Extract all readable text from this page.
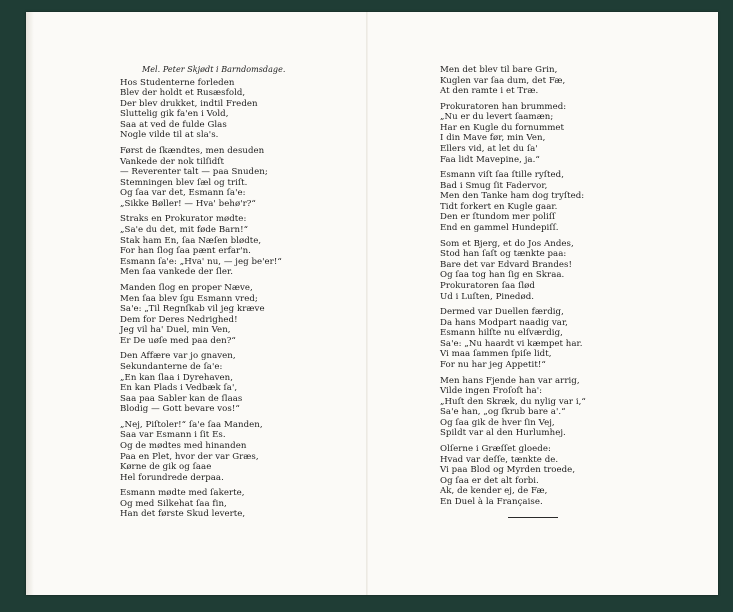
Mel. Peter Skjødt i Barndomsdage.
Hos Studenterne forleden
Blev der holdt et Rusæsfold,
Der blev drukket, indtil Freden
Sluttelig gik fa'en i Vold,
Saa at ved de fulde Glas
Nogle vilde til at sla's.
Først de ſkændtes, men desuden
Vankede der nok tilſidſt
— Reverenter talt — paa Snuden;
Stemningen blev ſæl og triſt.
Og ſaa var det, Esmann ſa'e:
„Sikke Bøller! — Hva' behø'r?“
Straks en Prokurator mødte:
„Sa'e du det, mit føde Barn!“
Stak ham En, ſaa Næſen blødte,
For han ſlog ſaa pænt erfar'n.
Esmann ſa'e: „Hva' nu, — jeg be'er!“
Men ſaa vankede der ſler.
Manden ſlog en proper Næve,
Men ſaa blev ſgu Esmann vred;
Sa'e: „Til Regnſkab vil jeg kræve
Dem for Deres Nedrighed!
Jeg vil ha' Duel, min Ven,
Er De uøſe med paa den?“
Den Affære var jo gnaven,
Sekundanterne de ſa'e:
„En kan ſlaa i Dyrehaven,
En kan Plads i Vedbæk ſa',
Saa paa Sabler kan de ſlaas
Blodig — Gott bevare vos!“
„Nej, Piſtoler!“ ſa'e ſaa Manden,
Saa var Esmann i ſit Es.
Og de mødtes med hinanden
Paa en Plet, hvor der var Græs,
Kørne de gik og ſaae
Hel forundrede derpaa.
Esmann mødte med ſakerte,
Og med Silkehat ſaa fin,
Han det første Skud leverte,
Men det blev til bare Grin,
Kuglen var ſaa dum, det Fæ,
At den ramte i et Træ.
Prokuratoren han brummed:
„Nu er du levert ſaamæn;
Har en Kugle du fornummet
I din Mave før, min Ven,
Ellers vid, at let du ſa'
Faa lidt Mavepine, ja.“
Esmann viſt ſaa ſtille ryſted,
Bad i Smug ſit Fadervor,
Men den Tanke ham dog tryſted:
Tidt forkert en Kugle gaar.
Den er ſtundom mer poliſſ
End en gammel Hundepiſſ.
Som et Bjerg, et do Jos Andes,
Stod han ſaſt og tænkte paa:
Bare det var Edvard Brandes!
Og ſaa tog han ſig en Skraa.
Prokuratoren ſaa ſlød
Ud i Luſten, Pinedød.
Dermed var Duellen færdig,
Da hans Modpart naadig var,
Esmann hilſte nu elſværdig,
Sa'e: „Nu haardt vi kæmpet har.
Vi maa ſammen ſpiſe lidt,
For nu har jeg Appetit!“
Men hans Fjende han var arrig,
Vilde ingen Froſoſt ha':
„Huſt den Skræk, du nylig var i,“
Sa'e han, „og ſkrub bare a'.“
Og ſaa gik de hver ſin Vej,
Spildt var al den Hurlumhej.
Olſerne i Græſſet gloede:
Hvad var deſſe, tænkte de.
Vi paa Blod og Myrden troede,
Og ſaa er det alt forbi.
Ak, de kender ej, de Fæ,
En Duel à la Française.
